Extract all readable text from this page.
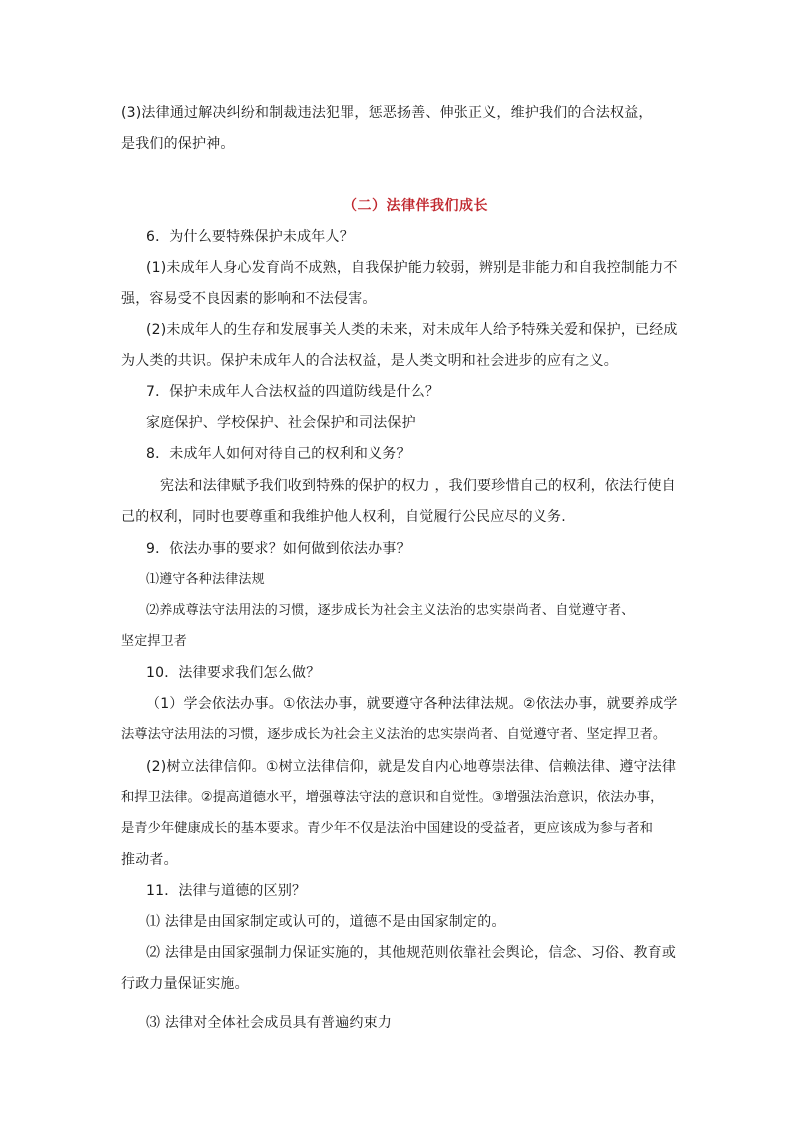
(3)法律通过解决纠纷和制裁违法犯罪，惩恶扬善、伸张正义，维护我们的合法权益，
是我们的保护神。
（二）法律伴我们成长
6．为什么要特殊保护未成年人？
(1)未成年人身心发育尚不成熟，自我保护能力较弱，辨别是非能力和自我控制能力不
强，容易受不良因素的影响和不法侵害。
(2)未成年人的生存和发展事关人类的未来，对未成年人给予特殊关爱和保护，已经成
为人类的共识。保护未成年人的合法权益，是人类文明和社会进步的应有之义。
7．保护未成年人合法权益的四道防线是什么？
家庭保护、学校保护、社会保护和司法保护
8．未成年人如何对待自己的权利和义务？
宪法和法律赋予我们收到特殊的保护的权力 ，我们要珍惜自己的权利，依法行使自
己的权利，同时也要尊重和我维护他人权利，自觉履行公民应尽的义务.
9．依法办事的要求？如何做到依法办事？
⑴遵守各种法律法规
⑵养成尊法守法用法的习惯，逐步成长为社会主义法治的忠实崇尚者、自觉遵守者、
坚定捍卫者
10．法律要求我们怎么做？
（1）学会依法办事。①依法办事，就要遵守各种法律法规。②依法办事，就要养成学
法尊法守法用法的习惯，逐步成长为社会主义法治的忠实崇尚者、自觉遵守者、坚定捍卫者。
(2)树立法律信仰。①树立法律信仰，就是发自内心地尊崇法律、信赖法律、遵守法律
和捍卫法律。②提高道德水平，增强尊法守法的意识和自觉性。③增强法治意识，依法办事，
是青少年健康成长的基本要求。青少年不仅是法治中国建设的受益者，更应该成为参与者和
推动者。
11．法律与道德的区别？
⑴ 法律是由国家制定或认可的，道德不是由国家制定的。
⑵ 法律是由国家强制力保证实施的，其他规范则依靠社会舆论，信念、习俗、教育或
行政力量保证实施。
⑶ 法律对全体社会成员具有普遍约束力
